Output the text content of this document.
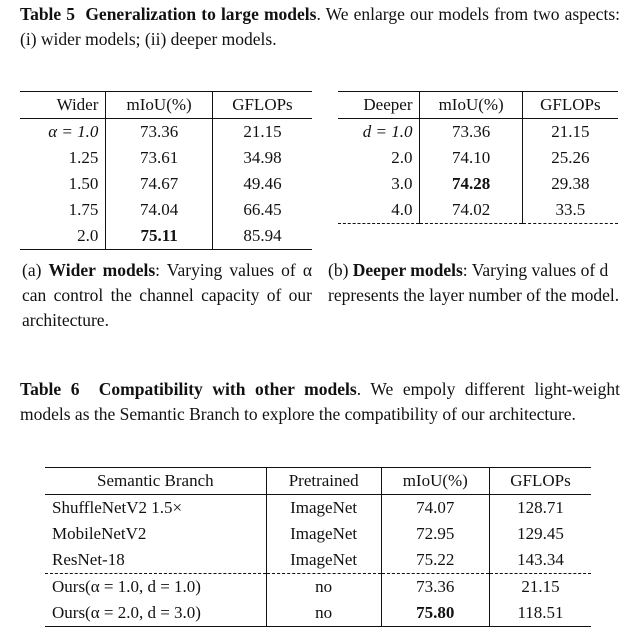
Table 5 Generalization to large models. We enlarge our models from two aspects: (i) wider models; (ii) deeper models.
Wider	mIoU(%)	GFLOPs
α = 1.0	73.36	21.15
1.25	73.61	34.98
1.50	74.67	49.46
1.75	74.04	66.45
2.0	75.11	85.94
Deeper	mIoU(%)	GFLOPs
d = 1.0	73.36	21.15
2.0	74.10	25.26
3.0	74.28	29.38
4.0	74.02	33.5
(a) Wider models: Varying values of α can control the channel capacity of our architecture.
(b) Deeper models: Varying values of d represents the layer number of the model.
Table 6 Compatibility with other models. We empoly different light-weight models as the Semantic Branch to explore the compatibility of our architecture.
Semantic Branch	Pretrained	mIoU(%)	GFLOPs
ShuffleNetV2 1.5×	ImageNet	74.07	128.71
MobileNetV2	ImageNet	72.95	129.45
ResNet-18	ImageNet	75.22	143.34
Ours(α = 1.0, d = 1.0)	no	73.36	21.15
Ours(α = 2.0, d = 3.0)	no	75.80	118.51
